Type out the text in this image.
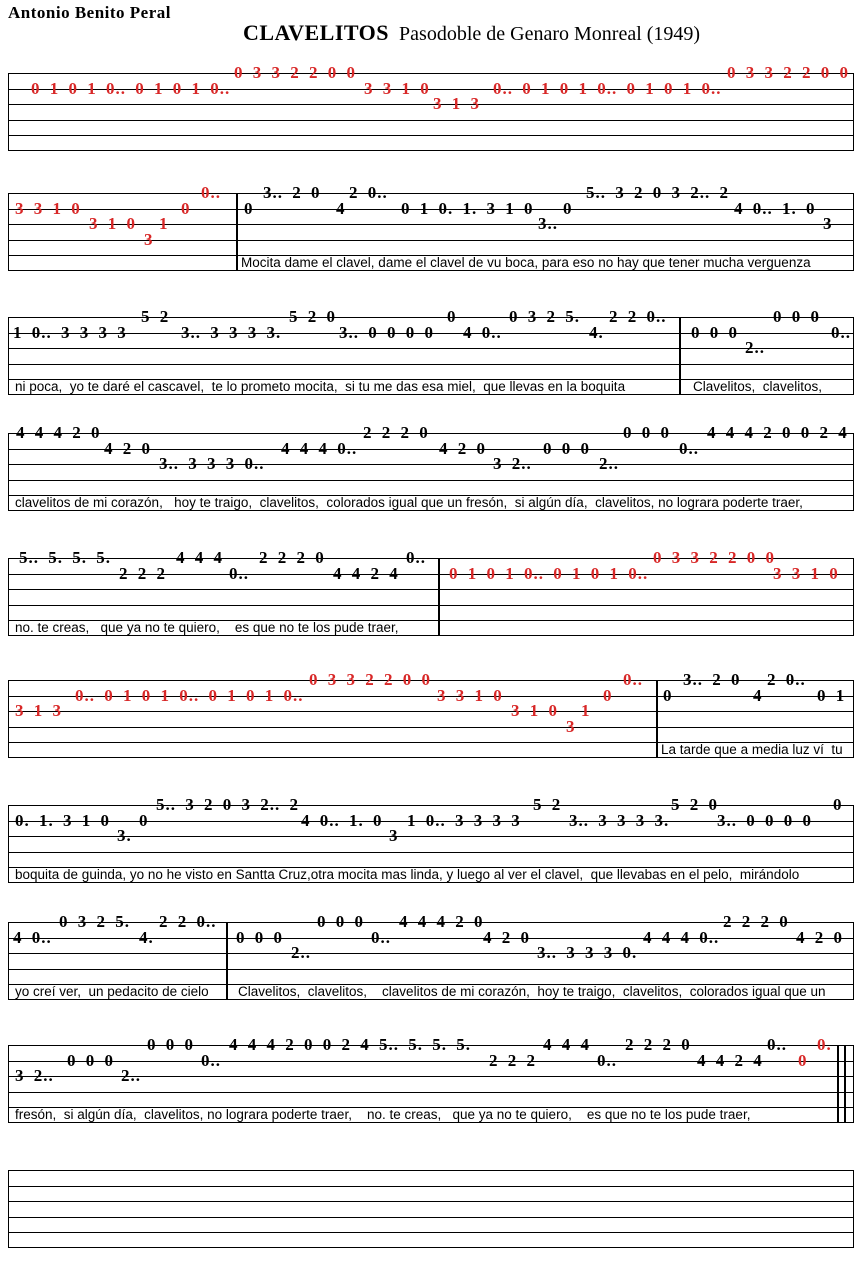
Antonio Benito Peral
CLAVELITOS Pasodoble de Genaro Monreal (1949)
0 1 0 1 0.. 0 1 0 1 0..
0 3 3 2 2 0 0
3 3 1 0
3 1 3
0.. 0 1 0 1 0.. 0 1 0 1 0..
0 3 3 2 2 0 0
3 3 1 0
3 1 0
3
1
0
0..
0
3.. 2 0
4
2 0..
0 1 0. 1. 3 1 0
3..
0
5.. 3 2 0 3 2.. 2
4 0.. 1. 0
3
Mocita dame el clavel, dame el clavel de vu boca, para eso no hay que tener mucha verguenza
1 0.. 3 3 3 3
5 2
3.. 3 3 3 3.
5 2 0
3.. 0 0 0 0
0
4 0..
0 3 2 5.
4.
2 2 0..
0 0 0
2..
0 0 0
0..
ni poca,  yo te daré el cascavel,  te lo prometo mocita,  si tu me das esa miel,  que llevas en la boquita	Clavelitos,  clavelitos,
4 4 4 2 0
4 2 0
3.. 3 3 3 0..
4 4 4 0..
2 2 2 0
4 2 0
3 2..
0 0 0
2..
0 0 0
0..
4 4 4 2 0 0 2 4
clavelitos de mi corazón,   hoy te traigo,  clavelitos,  colorados igual que un fresón,  si algún día,  clavelitos, no lograra poderte traer,
5.. 5. 5. 5.
2 2 2
4 4 4
0..
2 2 2 0
4 4 2 4
0..
0 1 0 1 0.. 0 1 0 1 0..
0 3 3 2 2 0 0
3 3 1 0
no. te creas,   que ya no te quiero,    es que no te los pude traer,
3 1 3
0.. 0 1 0 1 0.. 0 1 0 1 0..
0 3 3 2 2 0 0
3 3 1 0
3 1 0
3
1
0
0..
0
3.. 2 0
4
2 0..
0 1
La tarde que a media luz ví  tu
0. 1. 3 1 0
3.
0
5.. 3 2 0 3 2.. 2
4 0.. 1. 0
3
1 0.. 3 3 3 3
5 2
3.. 3 3 3 3.
5 2 0
3.. 0 0 0 0
0
boquita de guinda, yo no he visto en Santta Cruz,otra mocita mas linda, y luego al ver el clavel,  que llevabas en el pelo,  mirándolo
4 0..
0 3 2 5.
4.
2 2 0..
0 0 0
2..
0 0 0
0..
4 4 4 2 0
4 2 0
3.. 3 3 3 0.
4 4 4 0..
2 2 2 0
4 2 0
yo creí ver,  un pedacito de cielo Clavelitos,  clavelitos,    clavelitos de mi corazón,  hoy te traigo,  clavelitos,  colorados igual que un
3 2..
0 0 0
2..
0 0 0
0..
4 4 4 2 0 0 2 4 5.. 5. 5. 5.
2 2 2
4 4 4
0..
2 2 2 0
4 4 2 4
0..
0
0.
fresón,  si algún día,  clavelitos, no lograra poderte traer,    no. te creas,   que ya no te quiero,    es que no te los pude traer,
